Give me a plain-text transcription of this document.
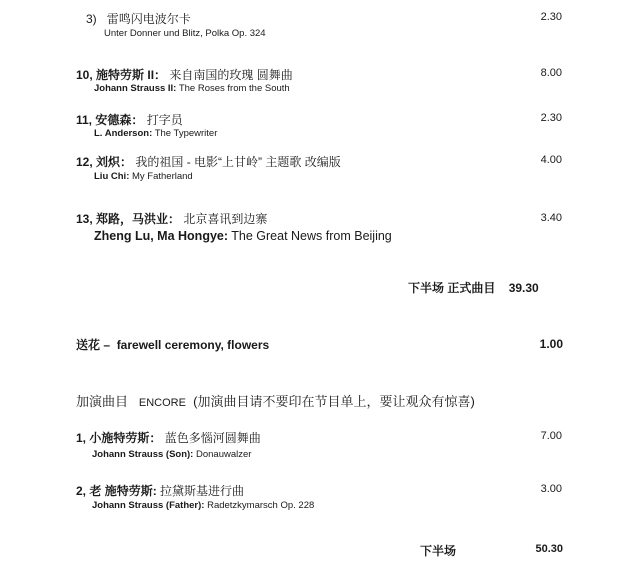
3) 雷鸣闪电波尔卡
Unter Donner und Blitz, Polka Op. 324
2.30
10, 施特劳斯 II： 来自南国的玫瑰 圆舞曲
Johann Strauss II: The Roses from the South
8.00
11, 安德森： 打字员
L. Anderson: The Typewriter
2.30
12, 刘炽： 我的祖国 - 电影“上甘岭” 主题歌 改编版
Liu Chi: My Fatherland
4.00
13, 郑路，马洪业： 北京喜讯到边寨
Zheng Lu, Ma Hongye: The Great News from Beijing
3.40
下半场 正式曲目 39.30
送花 – farewell ceremony, flowers	1.00
加演曲目 ENCORE (加演曲目请不要印在节目单上，要让观众有惊喜)
1, 小施特劳斯： 蓝色多惱河圆舞曲
Johann Strauss (Son): Donauwalzer
7.00
2, 老 施特劳斯: 拉黛斯基进行曲
Johann Strauss (Father): Radetzkymarsch Op. 228
3.00
下半场	50.30
